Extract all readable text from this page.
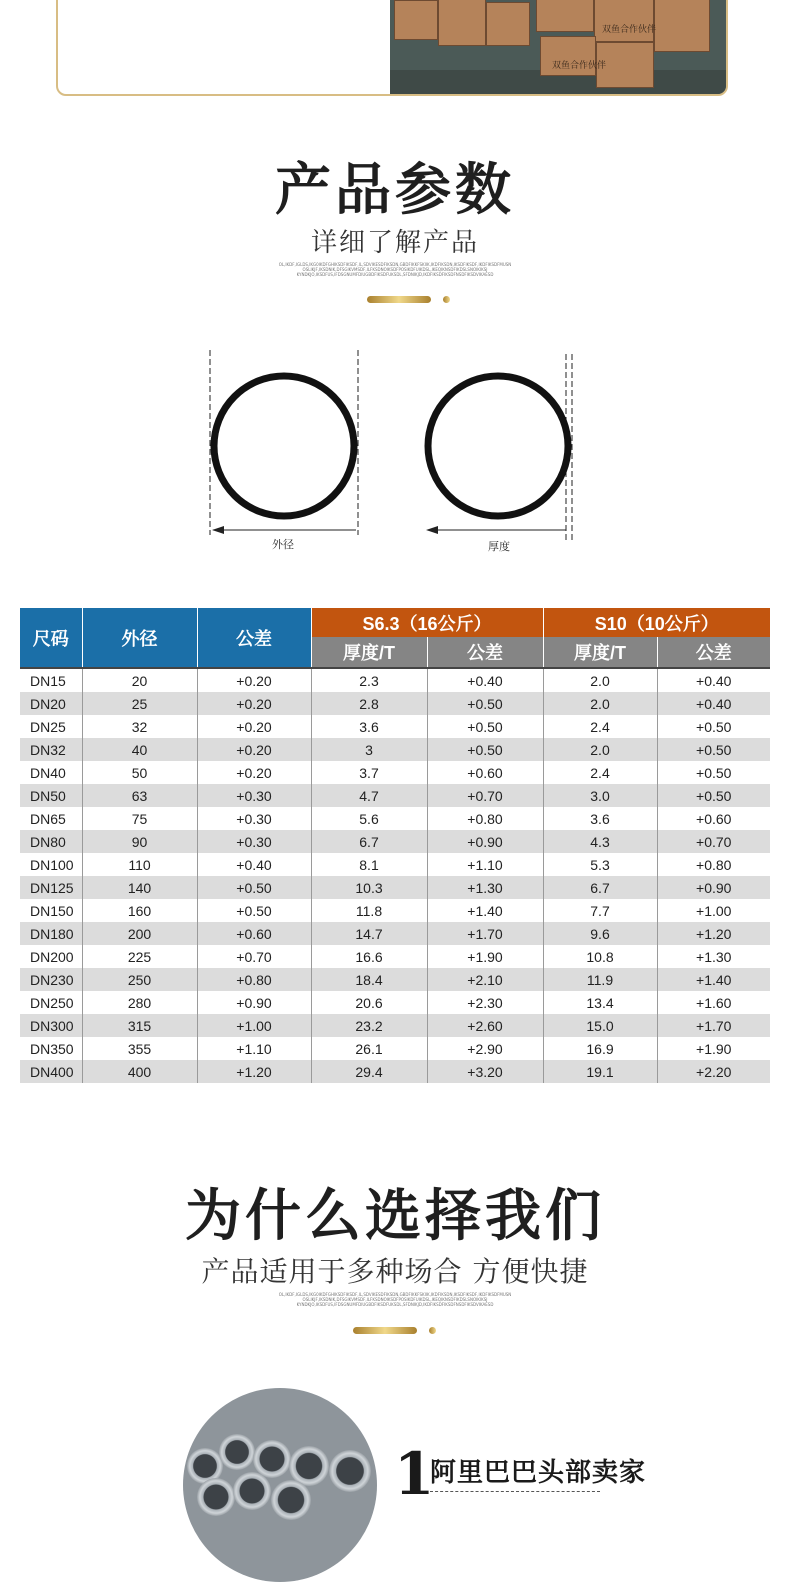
双鱼合作伙伴
双鱼合作伙伴
产品参数
详细了解产品
OL,IKDF,IGLDS,IKG0IKDFGHIKSDFIKSDF,IL,SDVIKESDFIKSDN,GBDFIKKFSKIIK,IKDFIKSDN,IKSDFIKSDF,IKDFIKSDFMUSN
OSLIKJF,IKSDNIK,DFSGIKVMSDF,ILFKSDNOIKSDFPOSIKDFUIKDSL,IKEQIKNSDFIKDSLSNOIKIKSJ
KYNDKJO,IKSDFUS,IFDSGNUMFDIUGBDFIKSDFUKSDL,SFDNIKJD,IKDFIKSDFIKSDFNSDFIKSDVIKAESD
外径	厚度
尺码	外径	公差	S6.3（16公斤）		S10（10公斤）	
			厚度/T	公差	厚度/T	公差
DN15	20	+0.20	2.3	+0.40	2.0	+0.40
DN20	25	+0.20	2.8	+0.50	2.0	+0.40
DN25	32	+0.20	3.6	+0.50	2.4	+0.50
DN32	40	+0.20	3	+0.50	2.0	+0.50
DN40	50	+0.20	3.7	+0.60	2.4	+0.50
DN50	63	+0.30	4.7	+0.70	3.0	+0.50
DN65	75	+0.30	5.6	+0.80	3.6	+0.60
DN80	90	+0.30	6.7	+0.90	4.3	+0.70
DN100	110	+0.40	8.1	+1.10	5.3	+0.80
DN125	140	+0.50	10.3	+1.30	6.7	+0.90
DN150	160	+0.50	11.8	+1.40	7.7	+1.00
DN180	200	+0.60	14.7	+1.70	9.6	+1.20
DN200	225	+0.70	16.6	+1.90	10.8	+1.30
DN230	250	+0.80	18.4	+2.10	11.9	+1.40
DN250	280	+0.90	20.6	+2.30	13.4	+1.60
DN300	315	+1.00	23.2	+2.60	15.0	+1.70
DN350	355	+1.10	26.1	+2.90	16.9	+1.90
DN400	400	+1.20	29.4	+3.20	19.1	+2.20
为什么选择我们
产品适用于多种场合 方便快捷
OL,IKDF,IGLDS,IKG0IKDFGHIKSDFIKSDF,IL,SDVIKESDFIKSDN,GBDFIKKFSKIIK,IKDFIKSDN,IKSDFIKSDF,IKDFIKSDFMUSN
OSLIKJF,IKSDNIK,DFSGIKVMSDF,ILFKSDNOIKSDFPOSIKDFUIKDSL,IKEQIKNSDFIKDSLSNOIKIKSJ
KYNDKJO,IKSDFUS,IFDSGNUMFDIUGBDFIKSDFUKSDL,SFDNIKJD,IKDFIKSDFIKSDFNSDFIKSDVIKAESD
1
阿里巴巴头部卖家
